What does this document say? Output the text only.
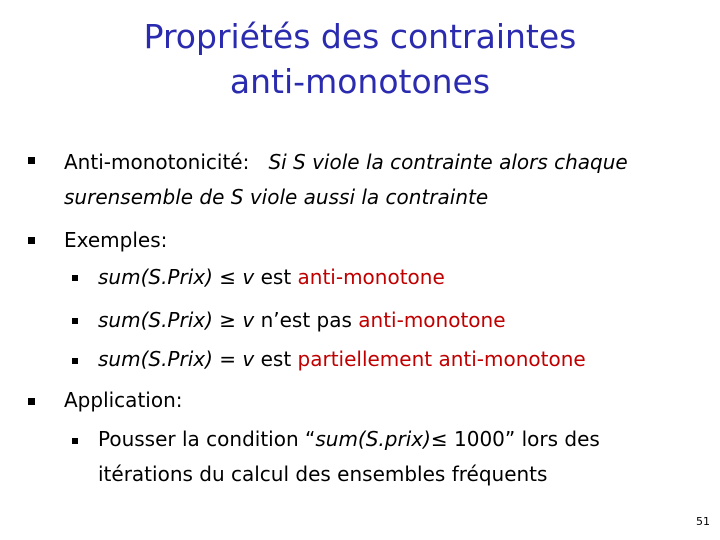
Propriétés des contraintes
anti-monotones
Anti-monotonicité: Si S viole la contrainte alors chaque
surensemble de S viole aussi la contrainte
Exemples:
sum(S.Prix) ≤ v est anti-monotone
sum(S.Prix) ≥ v n’est pas anti-monotone
sum(S.Prix) = v est partiellement anti-monotone
Application:
Pousser la condition “sum(S.prix)≤ 1000” lors des
itérations du calcul des ensembles fréquents
51
